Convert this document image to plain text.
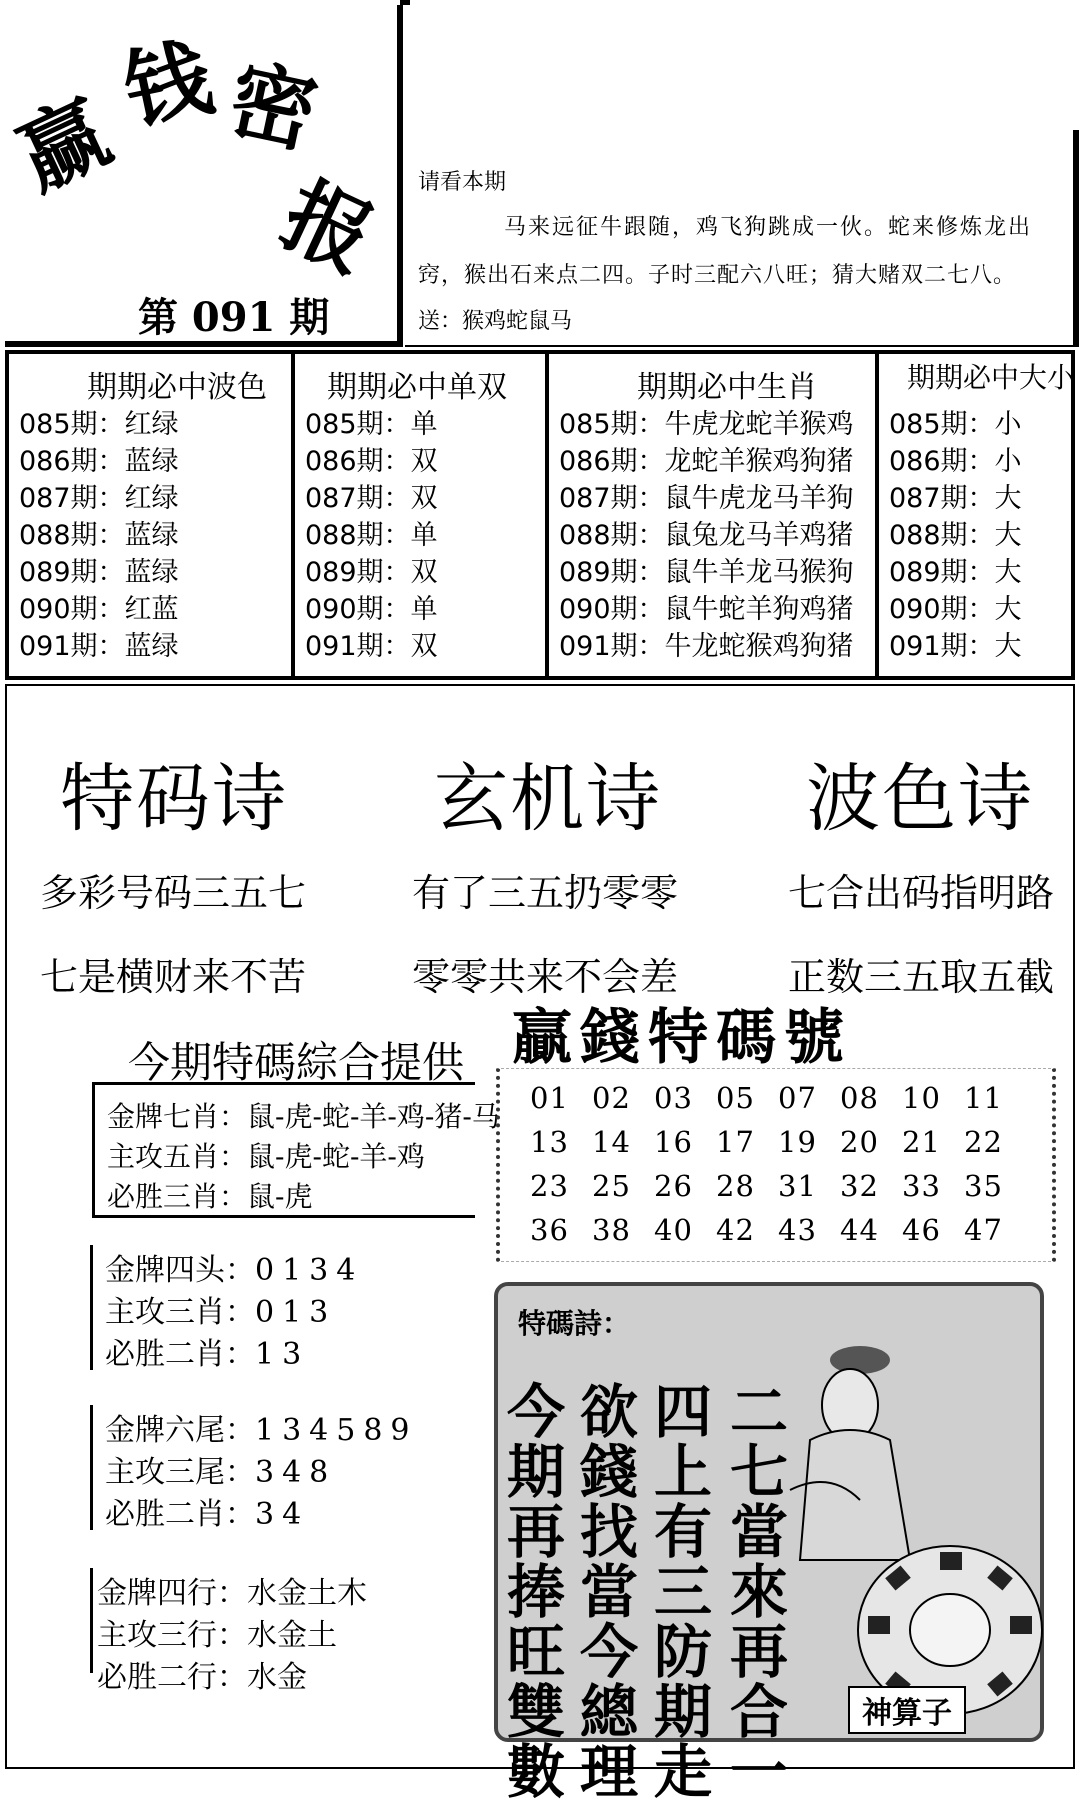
赢
钱 密
报
第 091 期
请看本期
马来远征牛跟随，鸡飞狗跳成一伙。蛇来修炼龙出
窍，猴出石来点二四。子时三配六八旺；猜大赌双二七八。
送：猴鸡蛇鼠马
期期必中波色
085期：红绿
086期：蓝绿
087期：红绿
088期：蓝绿
089期：蓝绿
090期：红蓝
091期：蓝绿
期期必中单双
085期：单
086期：双
087期：双
088期：单
089期：双
090期：单
091期：双
期期必中生肖
085期：牛虎龙蛇羊猴鸡
086期：龙蛇羊猴鸡狗猪
087期：鼠牛虎龙马羊狗
088期：鼠兔龙马羊鸡猪
089期：鼠牛羊龙马猴狗
090期：鼠牛蛇羊狗鸡猪
091期：牛龙蛇猴鸡狗猪
期期必中大小
085期：小
086期：小
087期：大
088期：大
089期：大
090期：大
091期：大
特码诗 玄机诗 波色诗
多彩号码三五七	有了三五扔零零	七合出码指明路
七是横财来不苦	零零共来不会差	正数三五取五截
今期特碼綜合提供
金牌七肖：鼠-虎-蛇-羊-鸡-猪-马
主攻五肖：鼠-虎-蛇-羊-鸡
必胜三肖：鼠-虎
金牌四头：0134
主攻三肖：013
必胜二肖：13
金牌六尾：134589
主攻三尾：348
必胜二肖：34
金牌四行：水金土木
主攻三行：水金土
必胜二行：水金
贏錢特碼號
01 02 03 05 07 08 10 11
13 14 16 17 19 20 21 22
23 25 26 28 31 32 33 35
36 38 40 42 43 44 46 47
特碼詩：
今期再捧旺雙數
欲錢找當今總理
四上有三防期走
二七當來再合一
神算子
